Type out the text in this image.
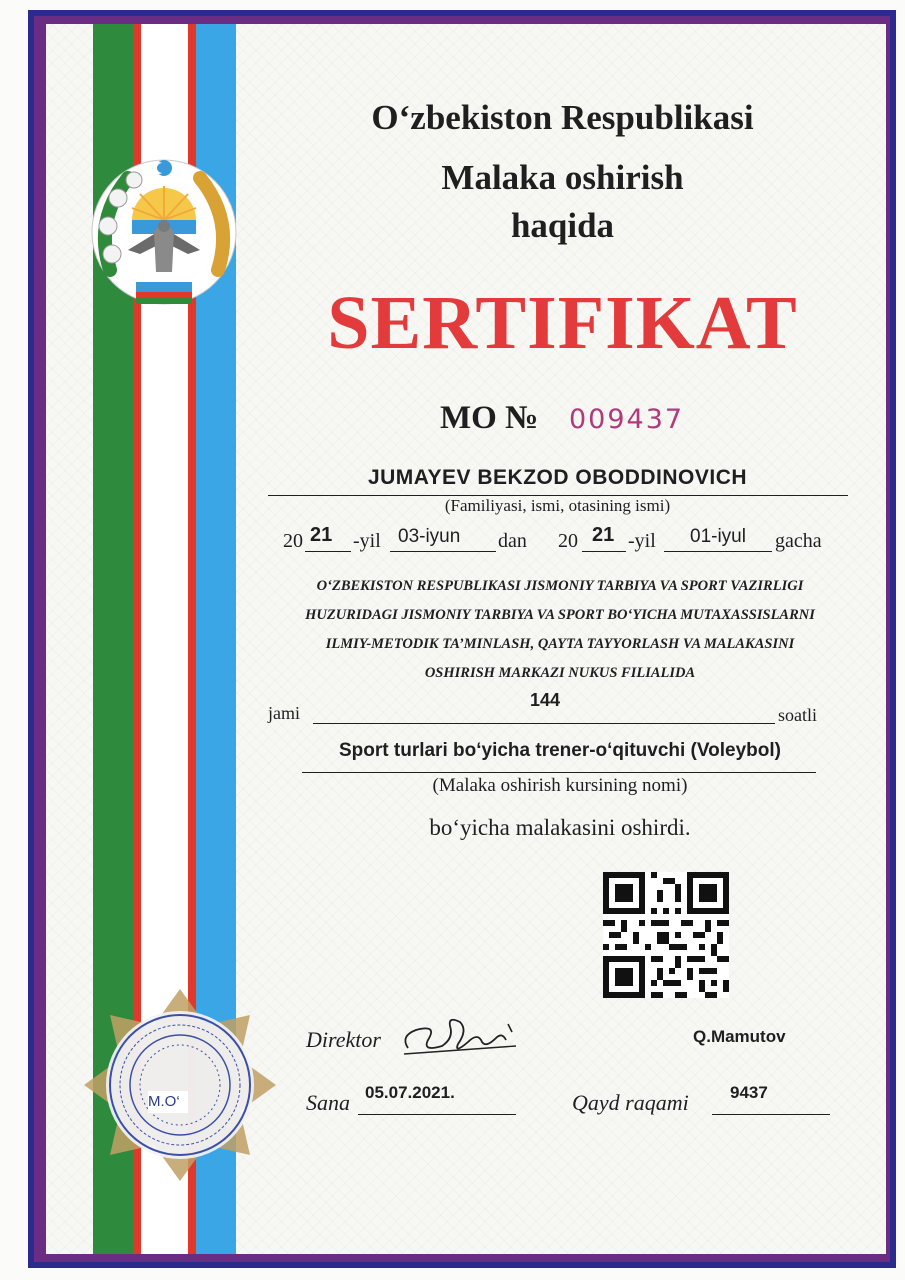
O‘zbekiston Respublikasi
Malaka oshirish
haqida
SERTIFIKAT
MO № 009437
JUMAYEV BEKZOD OBODDINOVICH
(Familiyasi, ismi, otasining ismi)
20 21 -yil 03-iyun dan 20 21 -yil 01-iyul gacha
O‘ZBEKISTON RESPUBLIKASI JISMONIY TARBIYA VA SPORT VAZIRLIGI
HUZURIDAGI JISMONIY TARBIYA VA SPORT BO‘YICHA MUTAXASSISLARNI
ILMIY-METODIK TA’MINLASH, QAYTA TAYYORLASH VA MALAKASINI
OSHIRISH MARKAZI NUKUS FILIALIDA
jami
144
soatli
Sport turlari bo‘yicha trener-o‘qituvchi (Voleybol)
(Malaka oshirish kursining nomi)
bo‘yicha malakasini oshirdi.
Direktor	Q.Mamutov
Sana 05.07.2021.	Qayd raqami 9437
M.O‘
